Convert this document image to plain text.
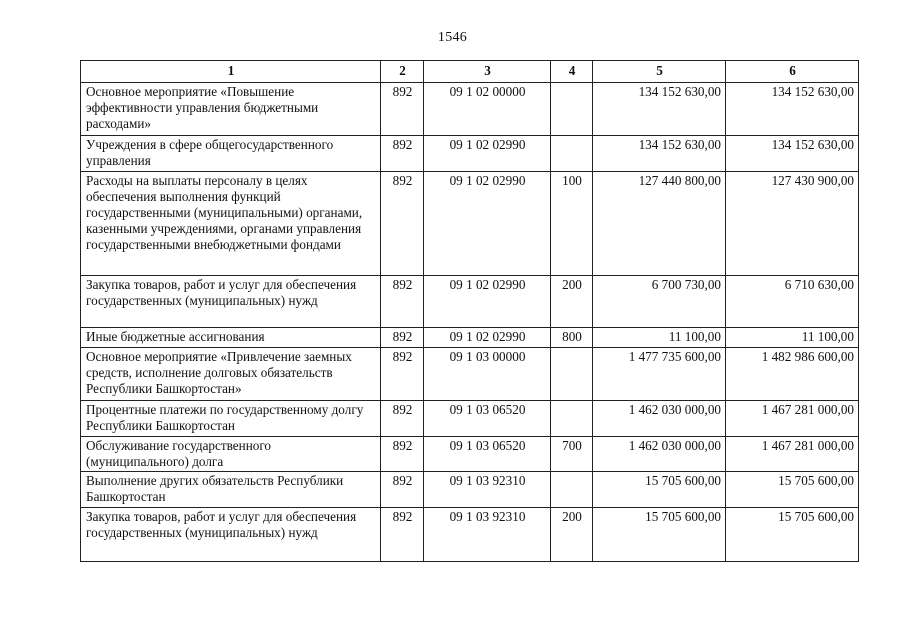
1546
1	2	3	4	5	6
Основное мероприятие «Повышение эффективности управления бюджетными расходами»	892	09 1 02 00000		134 152 630,00	134 152 630,00
Учреждения в сфере общегосударственного управления	892	09 1 02 02990		134 152 630,00	134 152 630,00
Расходы на выплаты персоналу в целях обеспечения выполнения функций государственными (муниципальными) органами, казенными учреждениями, органами управления государственными внебюджетными фондами	892	09 1 02 02990	100	127 440 800,00	127 430 900,00
Закупка товаров, работ и услуг для обеспечения государственных (муниципальных) нужд	892	09 1 02 02990	200	6 700 730,00	6 710 630,00
Иные бюджетные ассигнования	892	09 1 02 02990	800	11 100,00	11 100,00
Основное мероприятие «Привлечение заемных средств, исполнение долговых обязательств Республики Башкортостан»	892	09 1 03 00000		1 477 735 600,00	1 482 986 600,00
Процентные платежи по государственному долгу Республики Башкортостан	892	09 1 03 06520		1 462 030 000,00	1 467 281 000,00
Обслуживание государственного (муниципального) долга	892	09 1 03 06520	700	1 462 030 000,00	1 467 281 000,00
Выполнение других обязательств Республики Башкортостан	892	09 1 03 92310		15 705 600,00	15 705 600,00
Закупка товаров, работ и услуг для обеспечения государственных (муниципальных) нужд	892	09 1 03 92310	200	15 705 600,00	15 705 600,00
